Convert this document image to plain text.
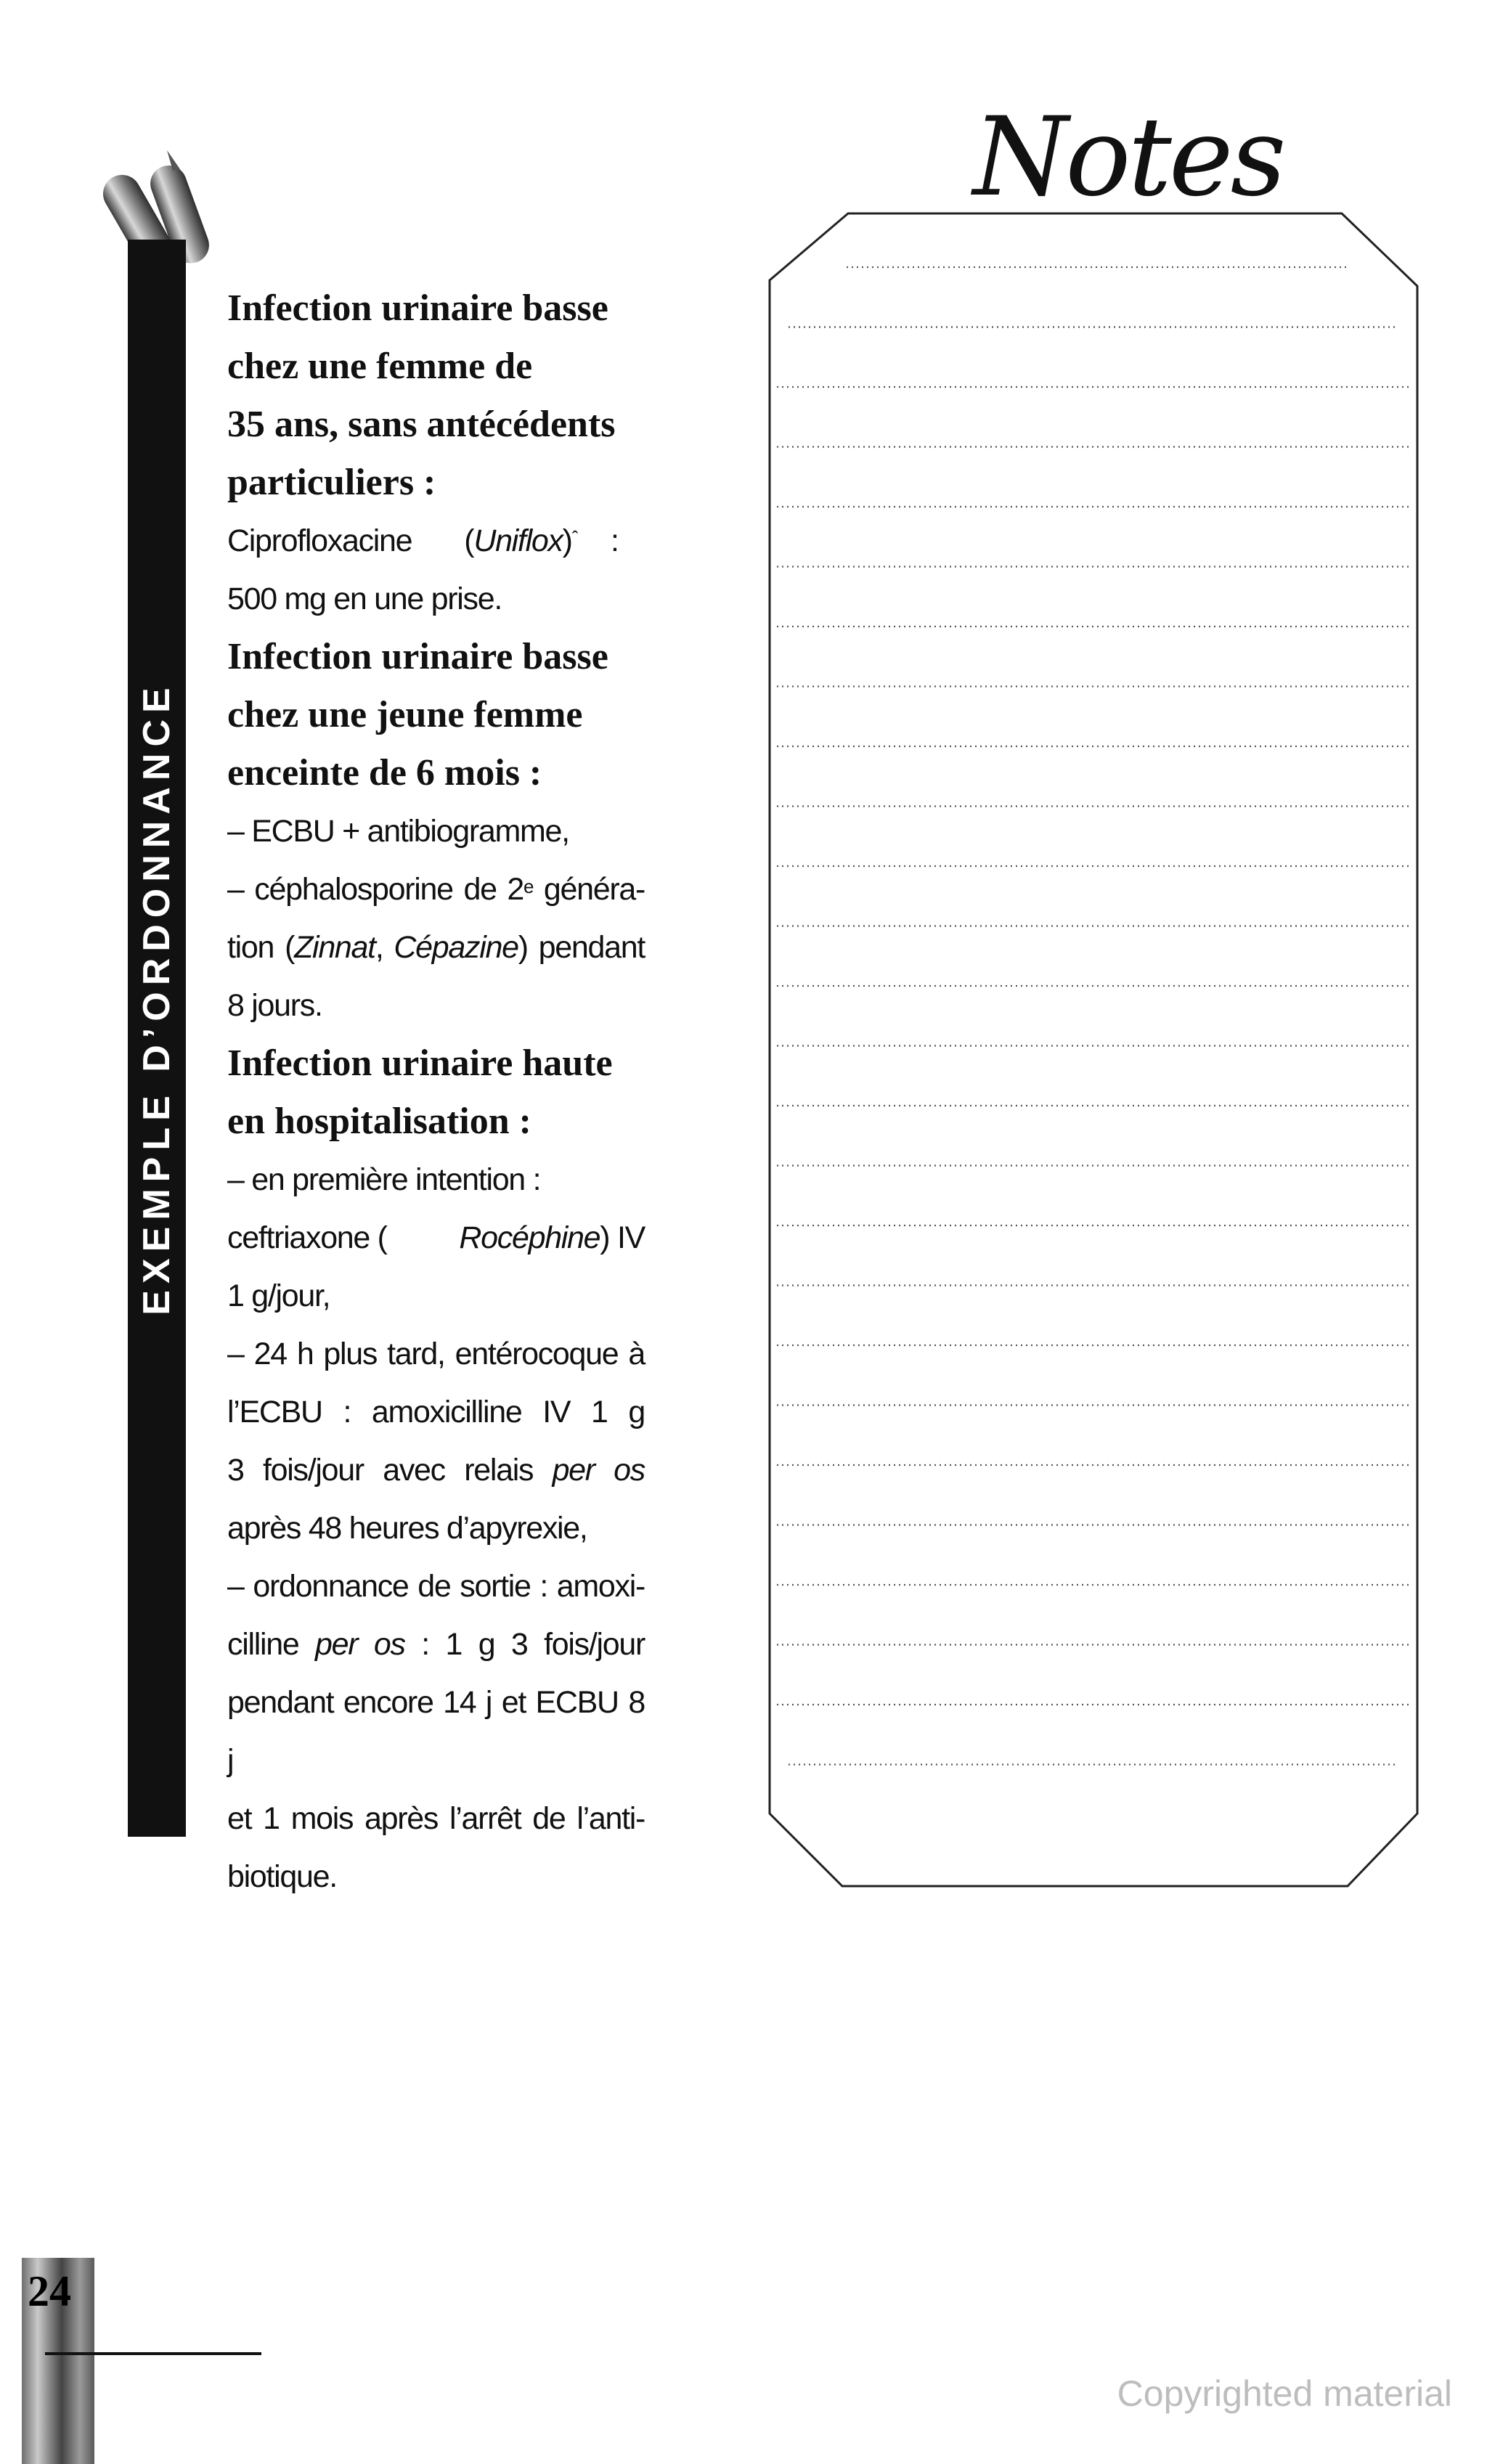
EXEMPLE D’ORDONNANCE

Infection urinaire basse

chez une femme de

35 ans, sans antécédents

particuliers :

Ciprofloxacine (Uniflox)$^ˆ$ :

500 mg en une prise.

Infection urinaire basse

chez une jeune femme

enceinte de 6 mois :

– ECBU + antibiogramme,

– céphalosporine de 2e généra-

tion (Zinnat, Cépazine) pendant

8 jours.

Infection urinaire haute

en hospitalisation :

– en première intention :

ceftriaxone ( Rocéphine) IV

1 g/jour,

– 24 h plus tard, entérocoque à

l’ECBU : amoxicilline IV 1 g

3 fois/jour avec relais per os

après 48 heures d’apyrexie,

– ordonnance de sortie : amoxi-

cilline per os : 1 g 3 fois/jour

pendant encore 14 j et ECBU 8 j

et 1 mois après l’arrêt de l’anti-

biotique.

Notes
24
Copyrighted material
